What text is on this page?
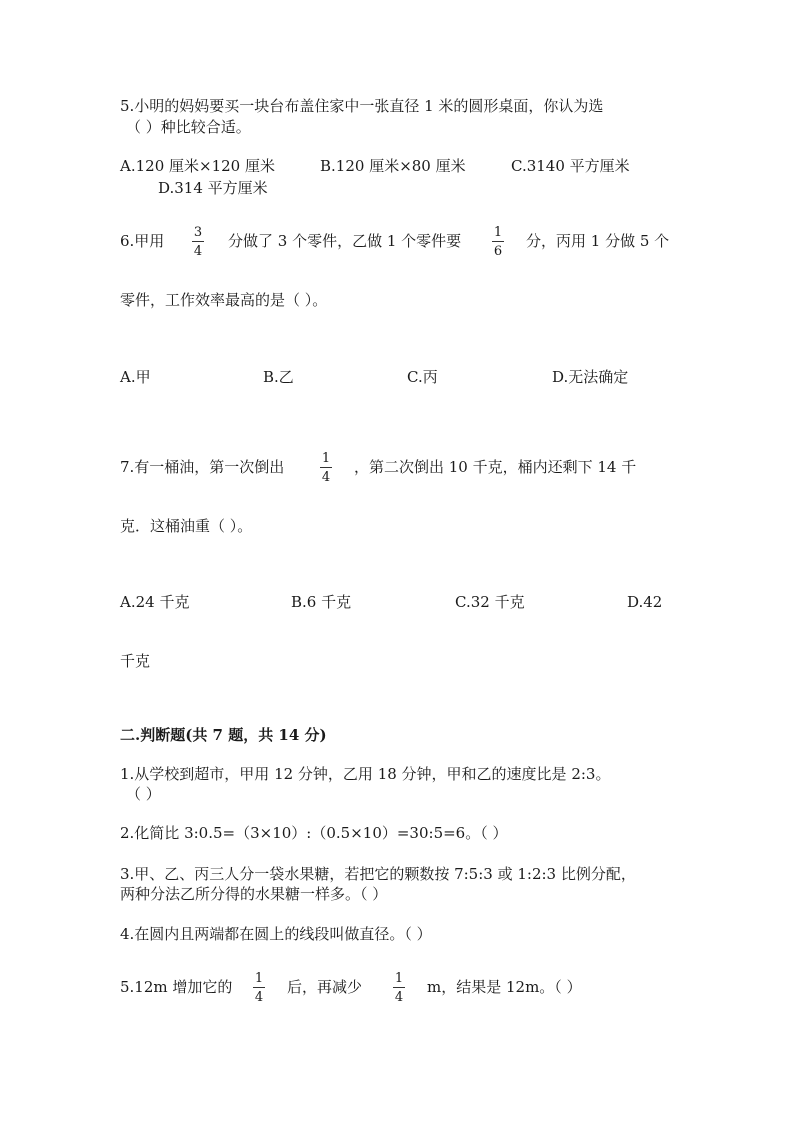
5.小明的妈妈要买一块台布盖住家中一张直径 1 米的圆形桌面，你认为选
（ ）种比较合适。
A.120 厘米×120 厘米	B.120 厘米×80 厘米	C.3140 平方厘米
D.314 平方厘米
6.甲用 3
4
分做了 3 个零件，乙做 1 个零件要	1
6
分，丙用 1 分做 5 个
零件，工作效率最高的是（ ）。
A.甲	B.乙	C.丙	D.无法确定
7.有一桶油，第一次倒出	1
4
，第二次倒出 10 千克，桶内还剩下 14 千
克．这桶油重（ ）。
A.24 千克	B.6 千克	C.32 千克	D.42
千克
二.判断题(共 7 题，共 14 分)
1.从学校到超市，甲用 12 分钟，乙用 18 分钟，甲和乙的速度比是 2:3。
（ ）
2.化简比 3:0.5=（3×10）:（0.5×10）=30:5=6。（ ）
3.甲、乙、丙三人分一袋水果糖，若把它的颗数按 7:5:3 或 1:2:3 比例分配，
两种分法乙所分得的水果糖一样多。（ ）
4.在圆内且两端都在圆上的线段叫做直径。（ ）
5.12m 增加它的 1
4
后，再减少	1
4
m，结果是 12m。（ ）
